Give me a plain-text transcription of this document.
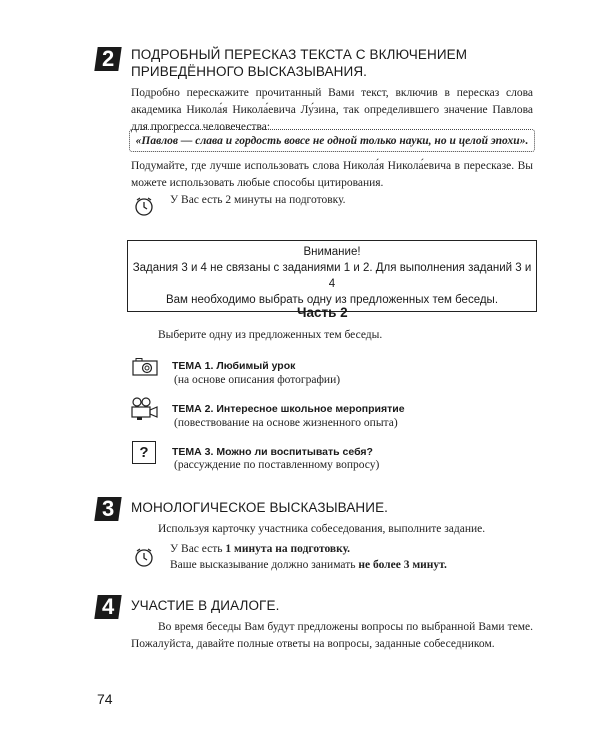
2 ПОДРОБНЫЙ ПЕРЕСКАЗ ТЕКСТА С ВКЛЮЧЕНИЕМ ПРИВЕДЁННОГО ВЫСКАЗЫВАНИЯ.
Подробно перескажите прочитанный Вами текст, включив в пересказ слова академика Никола́я Никола́евича Лу́зина, так определившего значение Павлова для прогресса человечества:
«Павлов — слава и гордость вовсе не одной только науки, но и целой эпохи».
Подумайте, где лучше использовать слова Никола́я Никола́евича в пересказе. Вы можете использовать любые способы цитирования.
У Вас есть 2 минуты на подготовку.
Внимание!
Задания 3 и 4 не связаны с заданиями 1 и 2. Для выполнения заданий 3 и 4
Вам необходимо выбрать одну из предложенных тем беседы.
Часть 2
Выберите одну из предложенных тем беседы.
ТЕМА 1. Любимый урок
(на основе описания фотографии)
ТЕМА 2. Интересное школьное мероприятие
(повествование на основе жизненного опыта)
?	ТЕМА 3. Можно ли воспитывать себя?
(рассуждение по поставленному вопросу)
3 МОНОЛОГИЧЕСКОЕ ВЫСКАЗЫВАНИЕ.
Используя карточку участника собеседования, выполните задание.
У Вас есть 1 минута на подготовку.
Ваше высказывание должно занимать не более 3 минут.
4 УЧАСТИЕ В ДИАЛОГЕ.
Во время беседы Вам будут предложены вопросы по выбранной Вами теме. Пожалуйста, давайте полные ответы на вопросы, заданные собеседником.
74
